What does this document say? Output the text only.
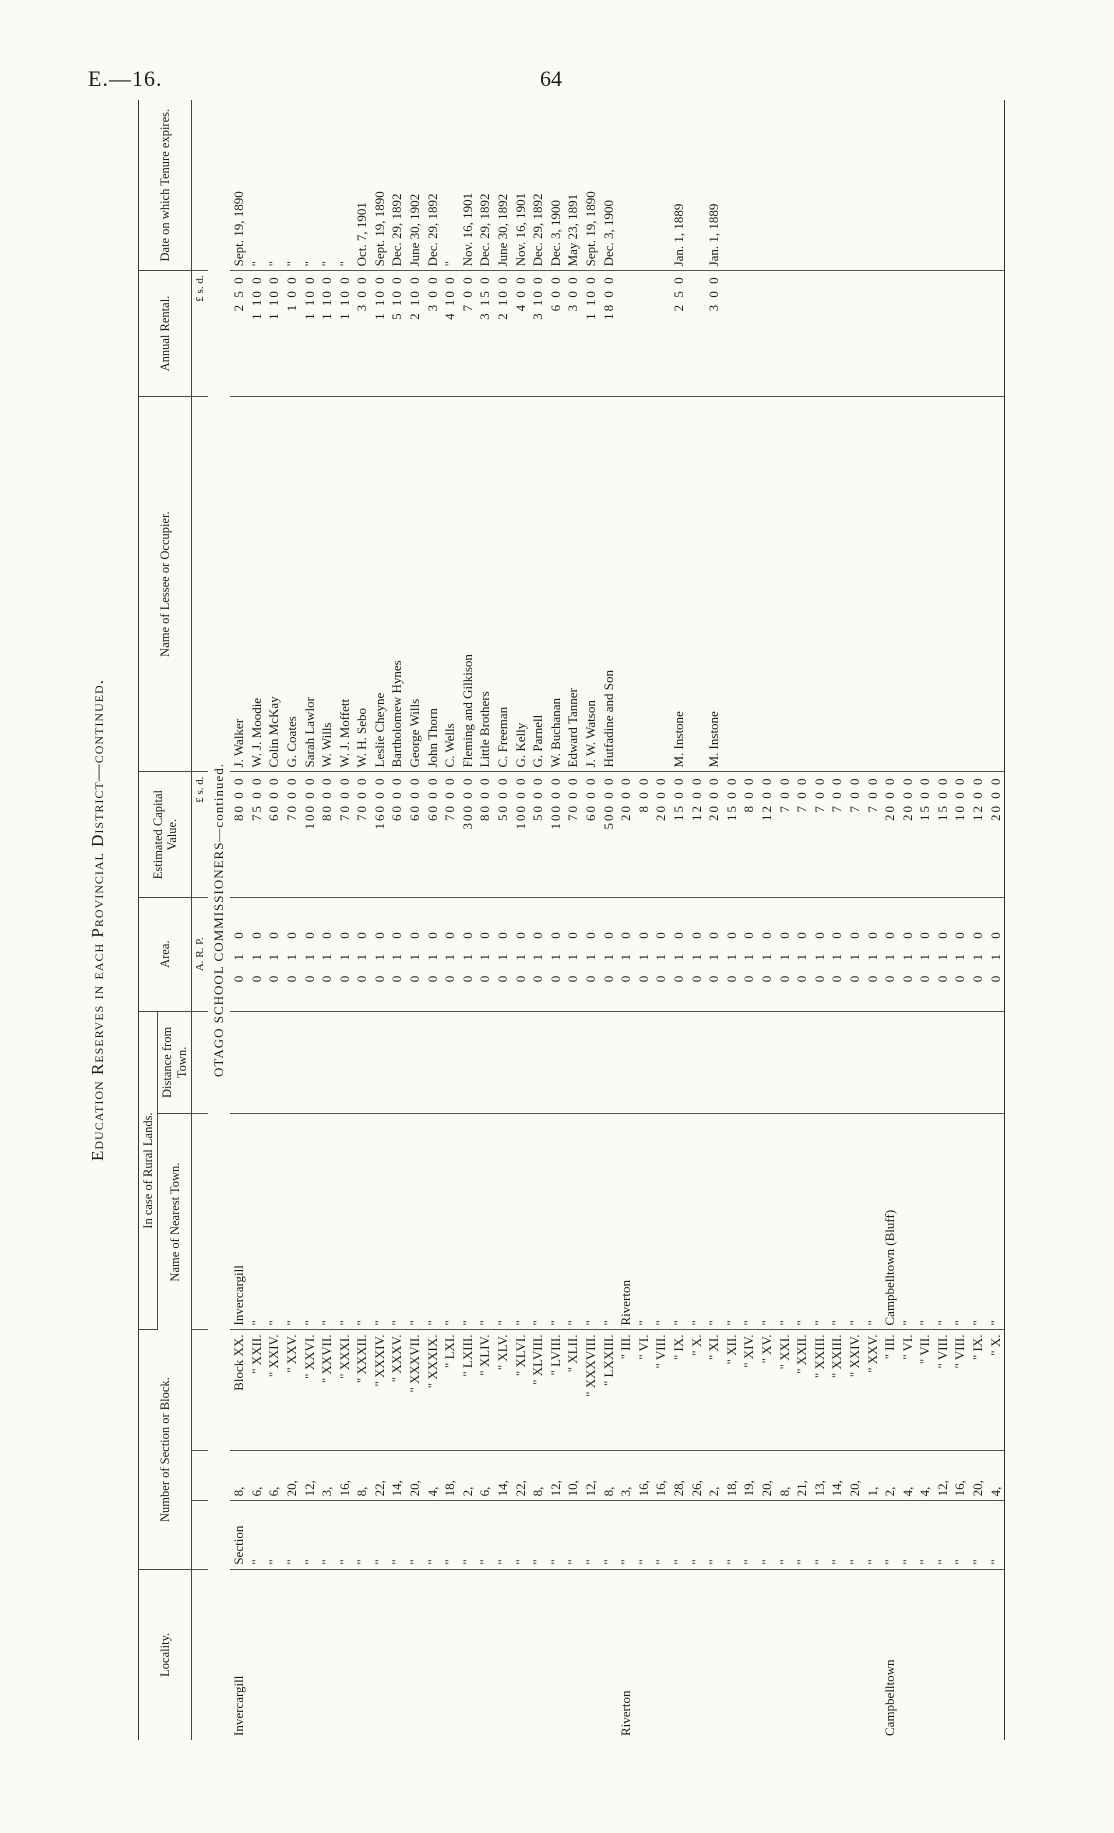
E.—16.	64
Education Reserves in each Provincial District—continued.
Locality.	Number of Section or Block.			In case of Rural Lands.		Area.	Estimated Capital Value.	Name of Lessee or Occupier.	Annual Rental.	Date on which Tenure expires.
				Name of Nearest Town.	Distance from Town.					
						A. R. P.	£ s. d.		£ s. d.	
OTAGO SCHOOL COMMISSIONERS—continued.										
Invercargill	Section	8,	Block XX.	Invercargill		0 1 0	80 0 0	J. Walker	2 5 0	Sept. 19, 1890
	"	6,	" XXII.	"		0 1 0	75 0 0	W. J. Moodie	1 10 0	"
	"	6,	" XXIV.	"		0 1 0	60 0 0	Colin McKay	1 10 0	"
	"	20,	" XXV.	"		0 1 0	70 0 0	G. Coates	1 0 0	"
	"	12,	" XXVI.	"		0 1 0	100 0 0	Sarah Lawlor	1 10 0	"
	"	3,	" XXVII.	"		0 1 0	80 0 0	W. Wills	1 10 0	"
	"	16,	" XXXI.	"		0 1 0	70 0 0	W. J. Moffett	1 10 0	"
	"	8,	" XXXII.	"		0 1 0	70 0 0	W. H. Sebo	3 0 0	Oct. 7, 1901
	"	22,	" XXXIV.	"		0 1 0	160 0 0	Leslie Cheyne	1 10 0	Sept. 19, 1890
	"	14,	" XXXV.	"		0 1 0	60 0 0	Bartholomew Hynes	5 10 0	Dec. 29, 1892
	"	20,	" XXXVII.	"		0 1 0	60 0 0	George Wills	2 10 0	June 30, 1902
	"	4,	" XXXIX.	"		0 1 0	60 0 0	John Thorn	3 0 0	Dec. 29, 1892
	"	18,	" LXI.	"		0 1 0	70 0 0	C. Wells	4 10 0	"
	"	2,	" LXIII.	"		0 1 0	300 0 0	Fleming and Gilkison	7 0 0	Nov. 16, 1901
	"	6,	" XLIV.	"		0 1 0	80 0 0	Little Brothers	3 15 0	Dec. 29, 1892
	"	14,	" XLV.	"		0 1 0	50 0 0	C. Freeman	2 10 0	June 30, 1892
	"	22,	" XLVI.	"		0 1 0	100 0 0	G. Kelly	4 0 0	Nov. 16, 1901
	"	8,	" XLVIII.	"		0 1 0	50 0 0	G. Parnell	3 10 0	Dec. 29, 1892
	"	12,	" LVIII.	"		0 1 0	100 0 0	W. Buchanan	6 0 0	Dec. 3, 1900
	"	10,	" XLII.	"		0 1 0	70 0 0	Edward Tanner	3 0 0	May 23, 1891
	"	12,	" XXXVIII.	"		0 1 0	60 0 0	J. W. Watson	1 10 0	Sept. 19, 1890
	"	8,	" LXXIII.	"		0 1 0	500 0 0	Hutfadine and Son	18 0 0	Dec. 3, 1900
Riverton	"	3,	" III.	Riverton		0 1 0	20 0 0			
	"	16,	" VI.	"		0 1 0	8 0 0			
	"	16,	" VIII.	"		0 1 0	20 0 0			
	"	28,	" IX.	"		0 1 0	15 0 0	M. Instone	2 5 0	Jan. 1, 1889
	"	26,	" X.	"		0 1 0	12 0 0			
	"	2,	" XI.	"		0 1 0	20 0 0	M. Instone	3 0 0	Jan. 1, 1889
	"	18,	" XII.	"		0 1 0	15 0 0			
	"	19,	" XIV.	"		0 1 0	8 0 0			
	"	20,	" XV.	"		0 1 0	12 0 0			
	"	8,	" XXI.	"		0 1 0	7 0 0			
	"	21,	" XXII.	"		0 1 0	7 0 0			
	"	13,	" XXIII.	"		0 1 0	7 0 0			
	"	14,	" XXIII.	"		0 1 0	7 0 0			
	"	20,	" XXIV.	"		0 1 0	7 0 0			
	"	1,	" XXV.	"		0 1 0	7 0 0			
Campbelltown	"	2,	" III.	Campbelltown (Bluff)		0 1 0	20 0 0			
	"	4,	" VI.	"		0 1 0	20 0 0			
	"	4,	" VII.	"		0 1 0	15 0 0			
	"	12,	" VIII.	"		0 1 0	15 0 0			
	"	16,	" VIII.	"		0 1 0	10 0 0			
	"	20,	" IX.	"		0 1 0	12 0 0			
	"	4,	" X.	"		0 1 0	20 0 0			
